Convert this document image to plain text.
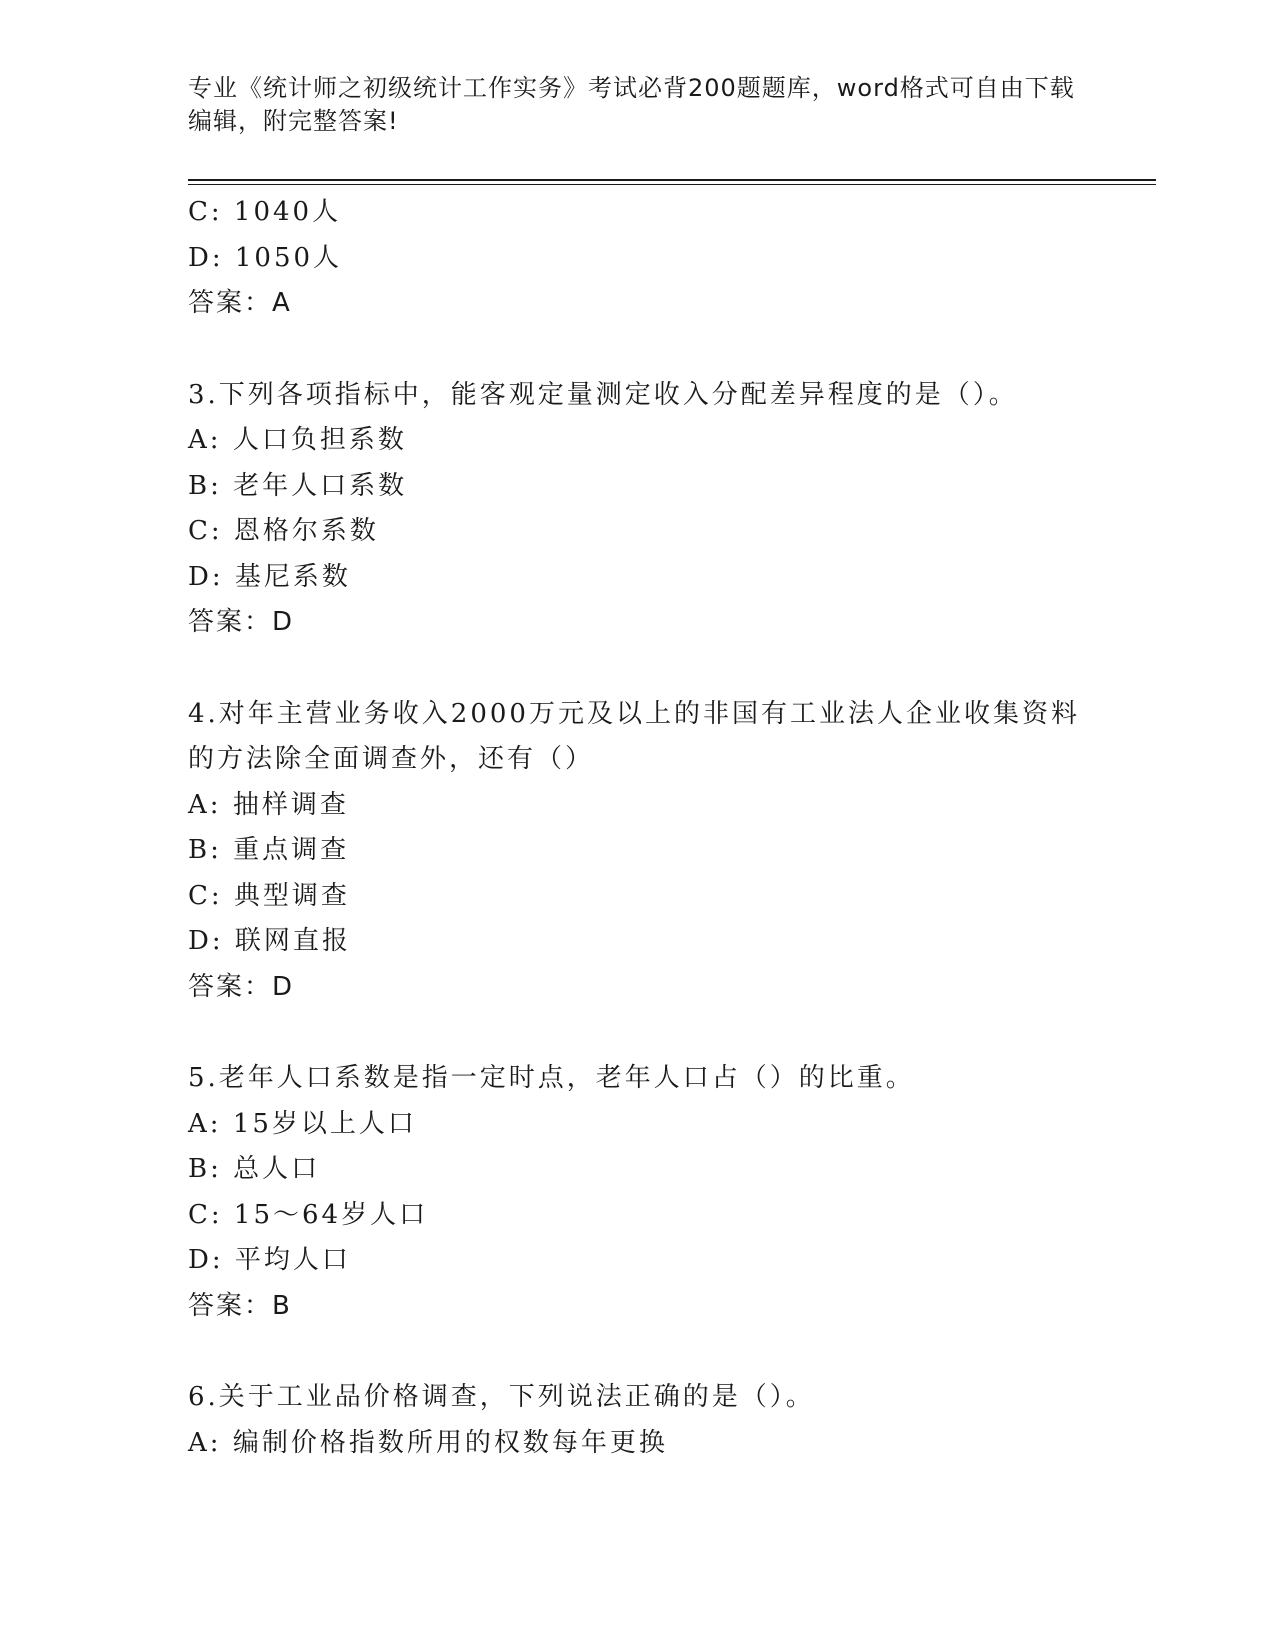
专业《统计师之初级统计工作实务》考试必背200题题库，word格式可自由下载
编辑，附完整答案!
C: 1040人
D: 1050人
答案：A
3.下列各项指标中，能客观定量测定收入分配差异程度的是（）。
A: 人口负担系数
B: 老年人口系数
C: 恩格尔系数
D: 基尼系数
答案：D
4.对年主营业务收入2000万元及以上的非国有工业法人企业收集资料
的方法除全面调查外，还有（）
A: 抽样调查
B: 重点调查
C: 典型调查
D: 联网直报
答案：D
5.老年人口系数是指一定时点，老年人口占（）的比重。
A: 15岁以上人口
B: 总人口
C: 15～64岁人口
D: 平均人口
答案：B
6.关于工业品价格调查，下列说法正确的是（）。
A: 编制价格指数所用的权数每年更换
